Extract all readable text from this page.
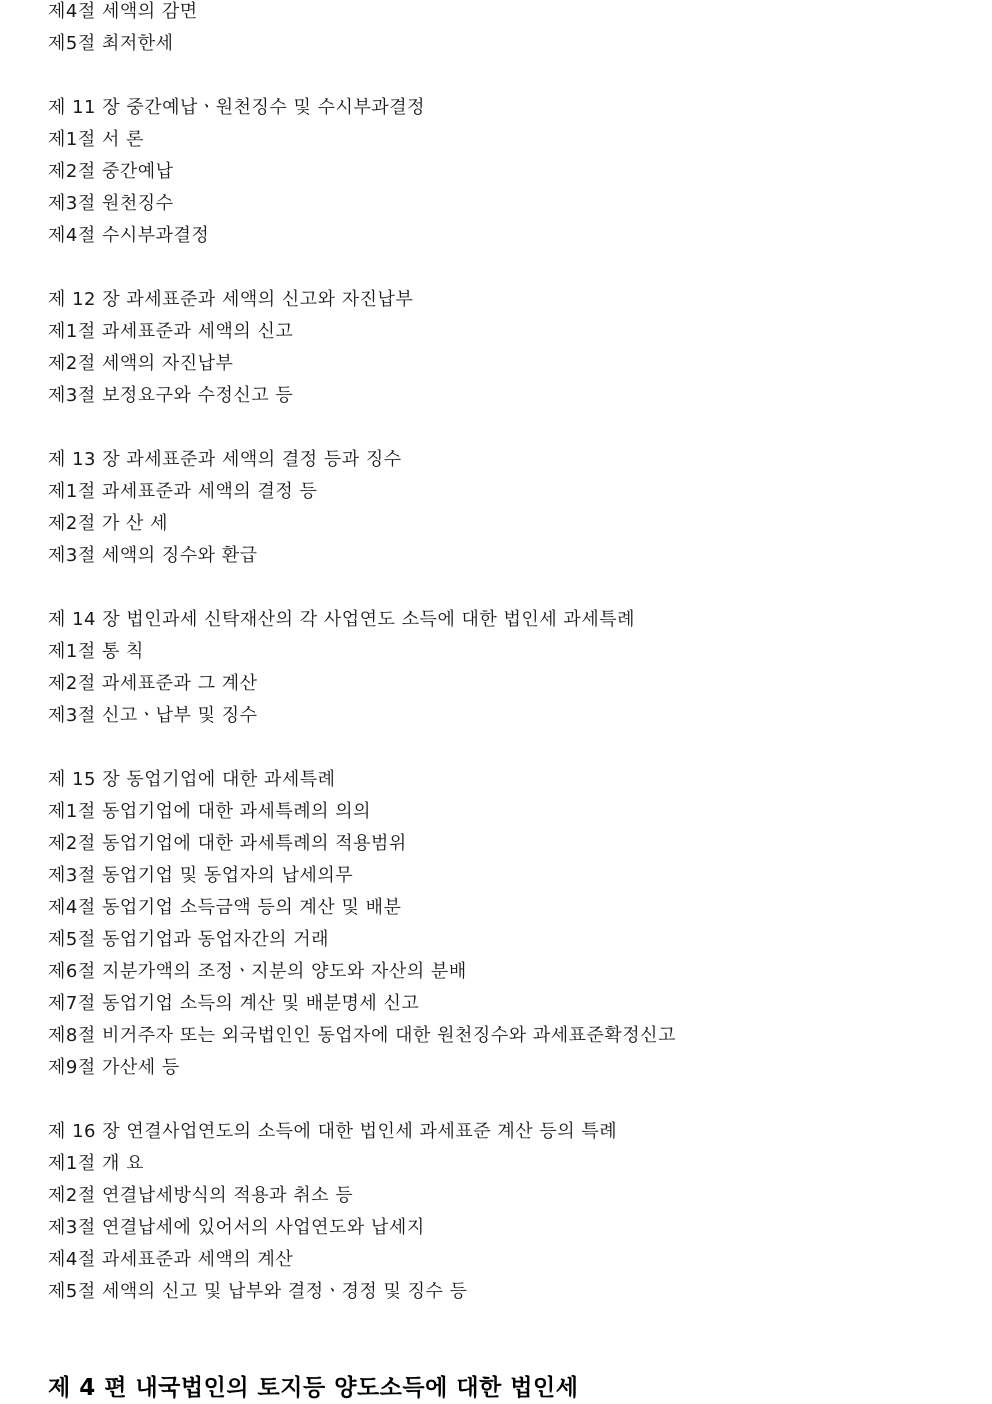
제4절 세액의 감면
제5절 최저한세
제 11 장 중간예납ㆍ원천징수 및 수시부과결정
제1절 서 론
제2절 중간예납
제3절 원천징수
제4절 수시부과결정
제 12 장 과세표준과 세액의 신고와 자진납부
제1절 과세표준과 세액의 신고
제2절 세액의 자진납부
제3절 보정요구와 수정신고 등
제 13 장 과세표준과 세액의 결정 등과 징수
제1절 과세표준과 세액의 결정 등
제2절 가 산 세
제3절 세액의 징수와 환급
제 14 장 법인과세 신탁재산의 각 사업연도 소득에 대한 법인세 과세특례
제1절 통 칙
제2절 과세표준과 그 계산
제3절 신고ㆍ납부 및 징수
제 15 장 동업기업에 대한 과세특례
제1절 동업기업에 대한 과세특례의 의의
제2절 동업기업에 대한 과세특례의 적용범위
제3절 동업기업 및 동업자의 납세의무
제4절 동업기업 소득금액 등의 계산 및 배분
제5절 동업기업과 동업자간의 거래
제6절 지분가액의 조정ㆍ지분의 양도와 자산의 분배
제7절 동업기업 소득의 계산 및 배분명세 신고
제8절 비거주자 또는 외국법인인 동업자에 대한 원천징수와 과세표준확정신고
제9절 가산세 등
제 16 장 연결사업연도의 소득에 대한 법인세 과세표준 계산 등의 특례
제1절 개 요
제2절 연결납세방식의 적용과 취소 등
제3절 연결납세에 있어서의 사업연도와 납세지
제4절 과세표준과 세액의 계산
제5절 세액의 신고 및 납부와 결정ㆍ경정 및 징수 등
제 4 편 내국법인의 토지등 양도소득에 대한 법인세
